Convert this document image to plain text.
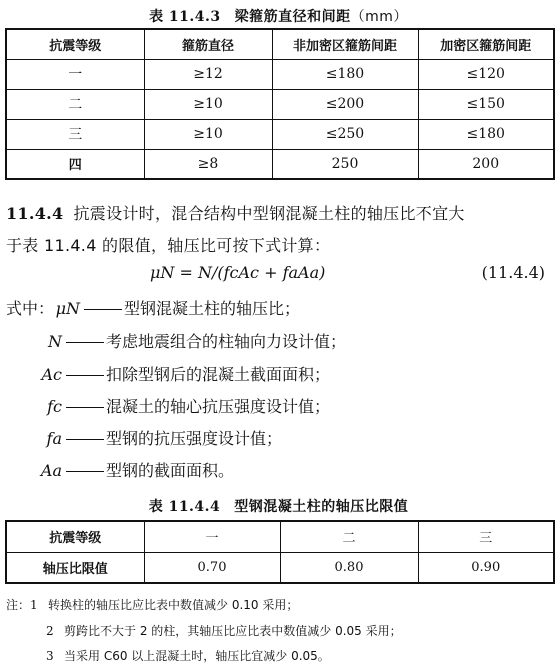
表 11.4.3 梁箍筋直径和间距（mm）
抗震等级	箍筋直径	非加密区箍筋间距	加密区箍筋间距
一	≥12	≤180	≤120
二	≥10	≤200	≤150
三	≥10	≤250	≤180
四	≥8	250	200
11.4.4 抗震设计时，混合结构中型钢混凝土柱的轴压比不宜大
于表 11.4.4 的限值，轴压比可按下式计算：
μN = N/(fcAc + faAa)	(11.4.4)
式中：μN	型钢混凝土柱的轴压比；
N	考虑地震组合的柱轴向力设计值；
Ac	扣除型钢后的混凝土截面面积；
fc	混凝土的轴心抗压强度设计值；
fa	型钢的抗压强度设计值；
Aa	型钢的截面面积。
表 11.4.4 型钢混凝土柱的轴压比限值
抗震等级	一	二	三
轴压比限值	0.70	0.80	0.90
注：1 转换柱的轴压比应比表中数值减少 0.10 采用；
2 剪跨比不大于 2 的柱，其轴压比应比表中数值减少 0.05 采用；
3 当采用 C60 以上混凝土时，轴压比宜减少 0.05。
